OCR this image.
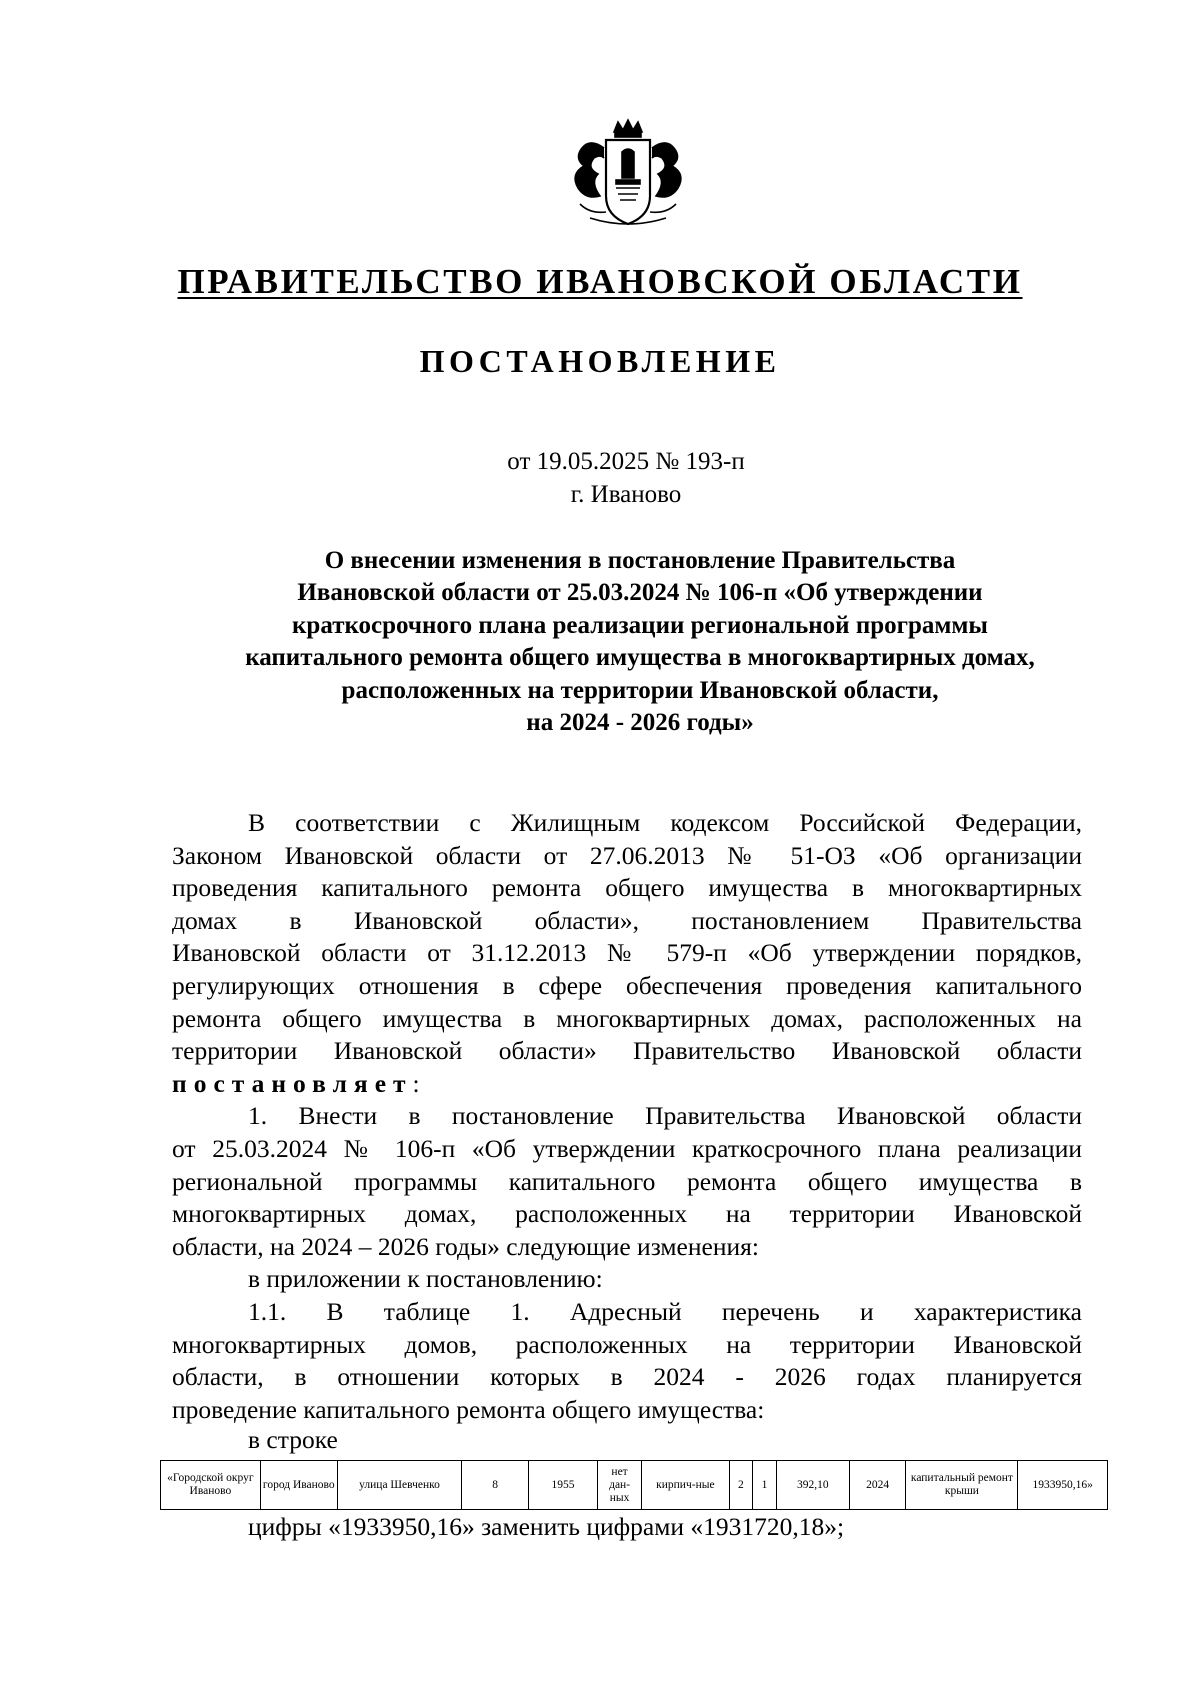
ПРАВИТЕЛЬСТВО ИВАНОВСКОЙ ОБЛАСТИ
ПОСТАНОВЛЕНИЕ
от 19.05.2025 № 193-п
г. Иваново
О внесении изменения в постановление Правительства
Ивановской области от 25.03.2024 № 106-п «Об утверждении
краткосрочного плана реализации региональной программы
капитального ремонта общего имущества в многоквартирных домах,
расположенных на территории Ивановской области,
на 2024 - 2026 годы»
В соответствии с Жилищным кодексом Российской Федерации,
Законом Ивановской области от 27.06.2013 № 51-ОЗ «Об организации
проведения капитального ремонта общего имущества в многоквартирных
домах в Ивановской области», постановлением Правительства
Ивановской области от 31.12.2013 № 579-п «Об утверждении порядков,
регулирующих отношения в сфере обеспечения проведения капитального
ремонта общего имущества в многоквартирных домах, расположенных на
территории Ивановской области» Правительство Ивановской области
постановляет:
1. Внести в постановление Правительства Ивановской области
от 25.03.2024 № 106-п «Об утверждении краткосрочного плана реализации
региональной программы капитального ремонта общего имущества в
многоквартирных домах, расположенных на территории Ивановской
области, на 2024 – 2026 годы» следующие изменения:
в приложении к постановлению:
1.1. В таблице 1. Адресный перечень и характеристика
многоквартирных домов, расположенных на территории Ивановской
области, в отношении которых в 2024 - 2026 годах планируется
проведение капитального ремонта общего имущества:
в строке
«Городской округ Иваново	город Иваново	улица Шевченко	8	1955	нет дан-ных	кирпич-ные	2	1	392,10	2024	капитальный ремонт крыши	1933950,16»
цифры «1933950,16» заменить цифрами «1931720,18»;
